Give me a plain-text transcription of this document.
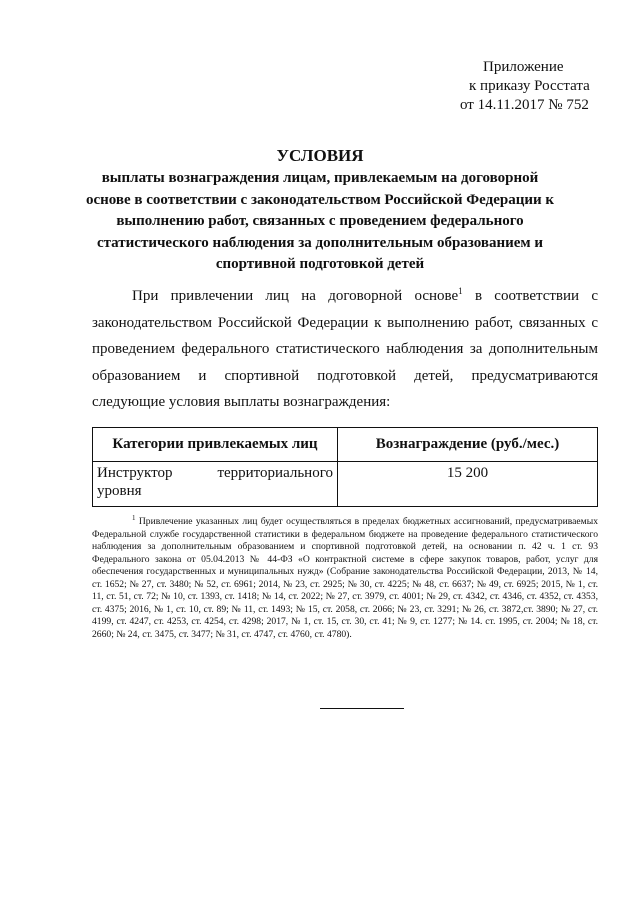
Приложение
к приказу Росстата
от 14.11.2017 № 752
УСЛОВИЯ
выплаты вознаграждения лицам, привлекаемым на договорной основе в соответствии с законодательством Российской Федерации к выполнению работ, связанных с проведением федерального статистического наблюдения за дополнительным образованием и спортивной подготовкой детей
При привлечении лиц на договорной основе$^1$ в соответствии с законодательством Российской Федерации к выполнению работ, связанных с проведением федерального статистического наблюдения за дополнительным образованием и спортивной подготовкой детей, предусматриваются следующие условия выплаты вознаграждения:
Категории привлекаемых лиц	Вознаграждение (руб./мес.)
Инструктор территориального уровня	15 200
$^1$ Привлечение указанных лиц будет осуществляться в пределах бюджетных ассигнований, предусматриваемых Федеральной службе государственной статистики в федеральном бюджете на проведение федерального статистического наблюдения за дополнительным образованием и спортивной подготовкой детей, на основании п. 42 ч. 1 ст. 93 Федерального закона от 05.04.2013 № 44-ФЗ «О контрактной системе в сфере закупок товаров, работ, услуг для обеспечения государственных и муниципальных нужд» (Собрание законодательства Российской Федерации, 2013, № 14, ст. 1652; № 27, ст. 3480; № 52, ст. 6961; 2014, № 23, ст. 2925; № 30, ст. 4225; № 48, ст. 6637; № 49, ст. 6925; 2015, № 1, ст. 11, ст. 51, ст. 72; № 10, ст. 1393, ст. 1418; № 14, ст. 2022; № 27, ст. 3979, ст. 4001; № 29, ст. 4342, ст. 4346, ст. 4352, ст. 4353, ст. 4375; 2016, № 1, ст. 10, ст. 89; № 11, ст. 1493; № 15, ст. 2058, ст. 2066; № 23, ст. 3291; № 26, ст. 3872,ст. 3890; № 27, ст. 4199, ст. 4247, ст. 4253, ст. 4254, ст. 4298; 2017, № 1, ст. 15, ст. 30, ст. 41; № 9, ст. 1277; № 14. ст. 1995, ст. 2004; № 18, ст. 2660; № 24, ст. 3475, ст. 3477; № 31, ст. 4747, ст. 4760, ст. 4780).
